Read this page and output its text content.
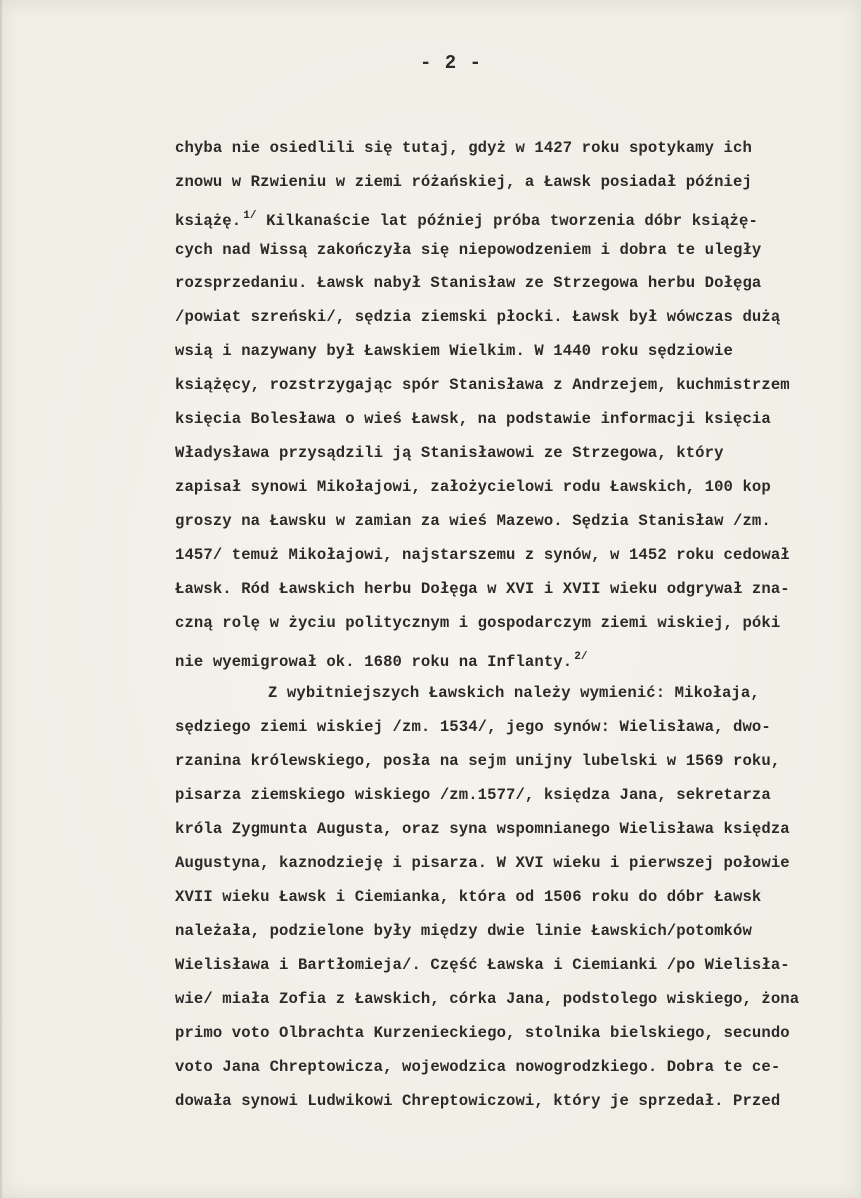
- 2 -
chyba nie osiedlili się tutaj, gdyż w 1427 roku spotykamy ich
znowu w Rzwieniu w ziemi różańskiej, a Ławsk posiadał później
książę. $^{1/}$ Kilkanaście lat później próba tworzenia dóbr książę-
cych nad Wissą zakończyła się niepowodzeniem i dobra te uległy
rozsprzedaniu. Ławsk nabył Stanisław ze Strzegowa herbu Dołęga
/powiat szreński/, sędzia ziemski płocki. Ławsk był wówczas dużą
wsią i nazywany był Ławskiem Wielkim. W 1440 roku sędziowie
książęcy, rozstrzygając spór Stanisława z Andrzejem, kuchmistrzem
księcia Bolesława o wieś Ławsk, na podstawie informacji księcia
Władysława przysądzili ją Stanisławowi ze Strzegowa, który
zapisał synowi Mikołajowi, założycielowi rodu Ławskich, 100 kop
groszy na Ławsku w zamian za wieś Mazewo. Sędzia Stanisław /zm.
1457/ temuż Mikołajowi, najstarszemu z synów, w 1452 roku cedował
Ławsk. Ród Ławskich herbu Dołęga w XVI i XVII wieku odgrywał zna-
czną rolę w życiu politycznym i gospodarczym ziemi wiskiej, póki
nie wyemigrował ok. 1680 roku na Inflanty. $^{2/}$
Z wybitniejszych Ławskich należy wymienić: Mikołaja,
sędziego ziemi wiskiej /zm. 1534/, jego synów: Wielisława, dwo-
rzanina królewskiego, posła na sejm unijny lubelski w 1569 roku,
pisarza ziemskiego wiskiego /zm.1577/, księdza Jana, sekretarza
króla Zygmunta Augusta, oraz syna wspomnianego Wielisława księdza
Augustyna, kaznodzieję i pisarza. W XVI wieku i pierwszej połowie
XVII wieku Ławsk i Ciemianka, która od 1506 roku do dóbr Ławsk
należała, podzielone były między dwie linie Ławskich/potomków
Wielisława i Bartłomieja/. Część Ławska i Ciemianki /po Wielisła-
wie/ miała Zofia z Ławskich, córka Jana, podstolego wiskiego, żona
primo voto Olbrachta Kurzenieckiego, stolnika bielskiego, secundo
voto Jana Chreptowicza, wojewodzica nowogrodzkiego. Dobra te ce-
dowała synowi Ludwikowi Chreptowiczowi, który je sprzedał. Przed
